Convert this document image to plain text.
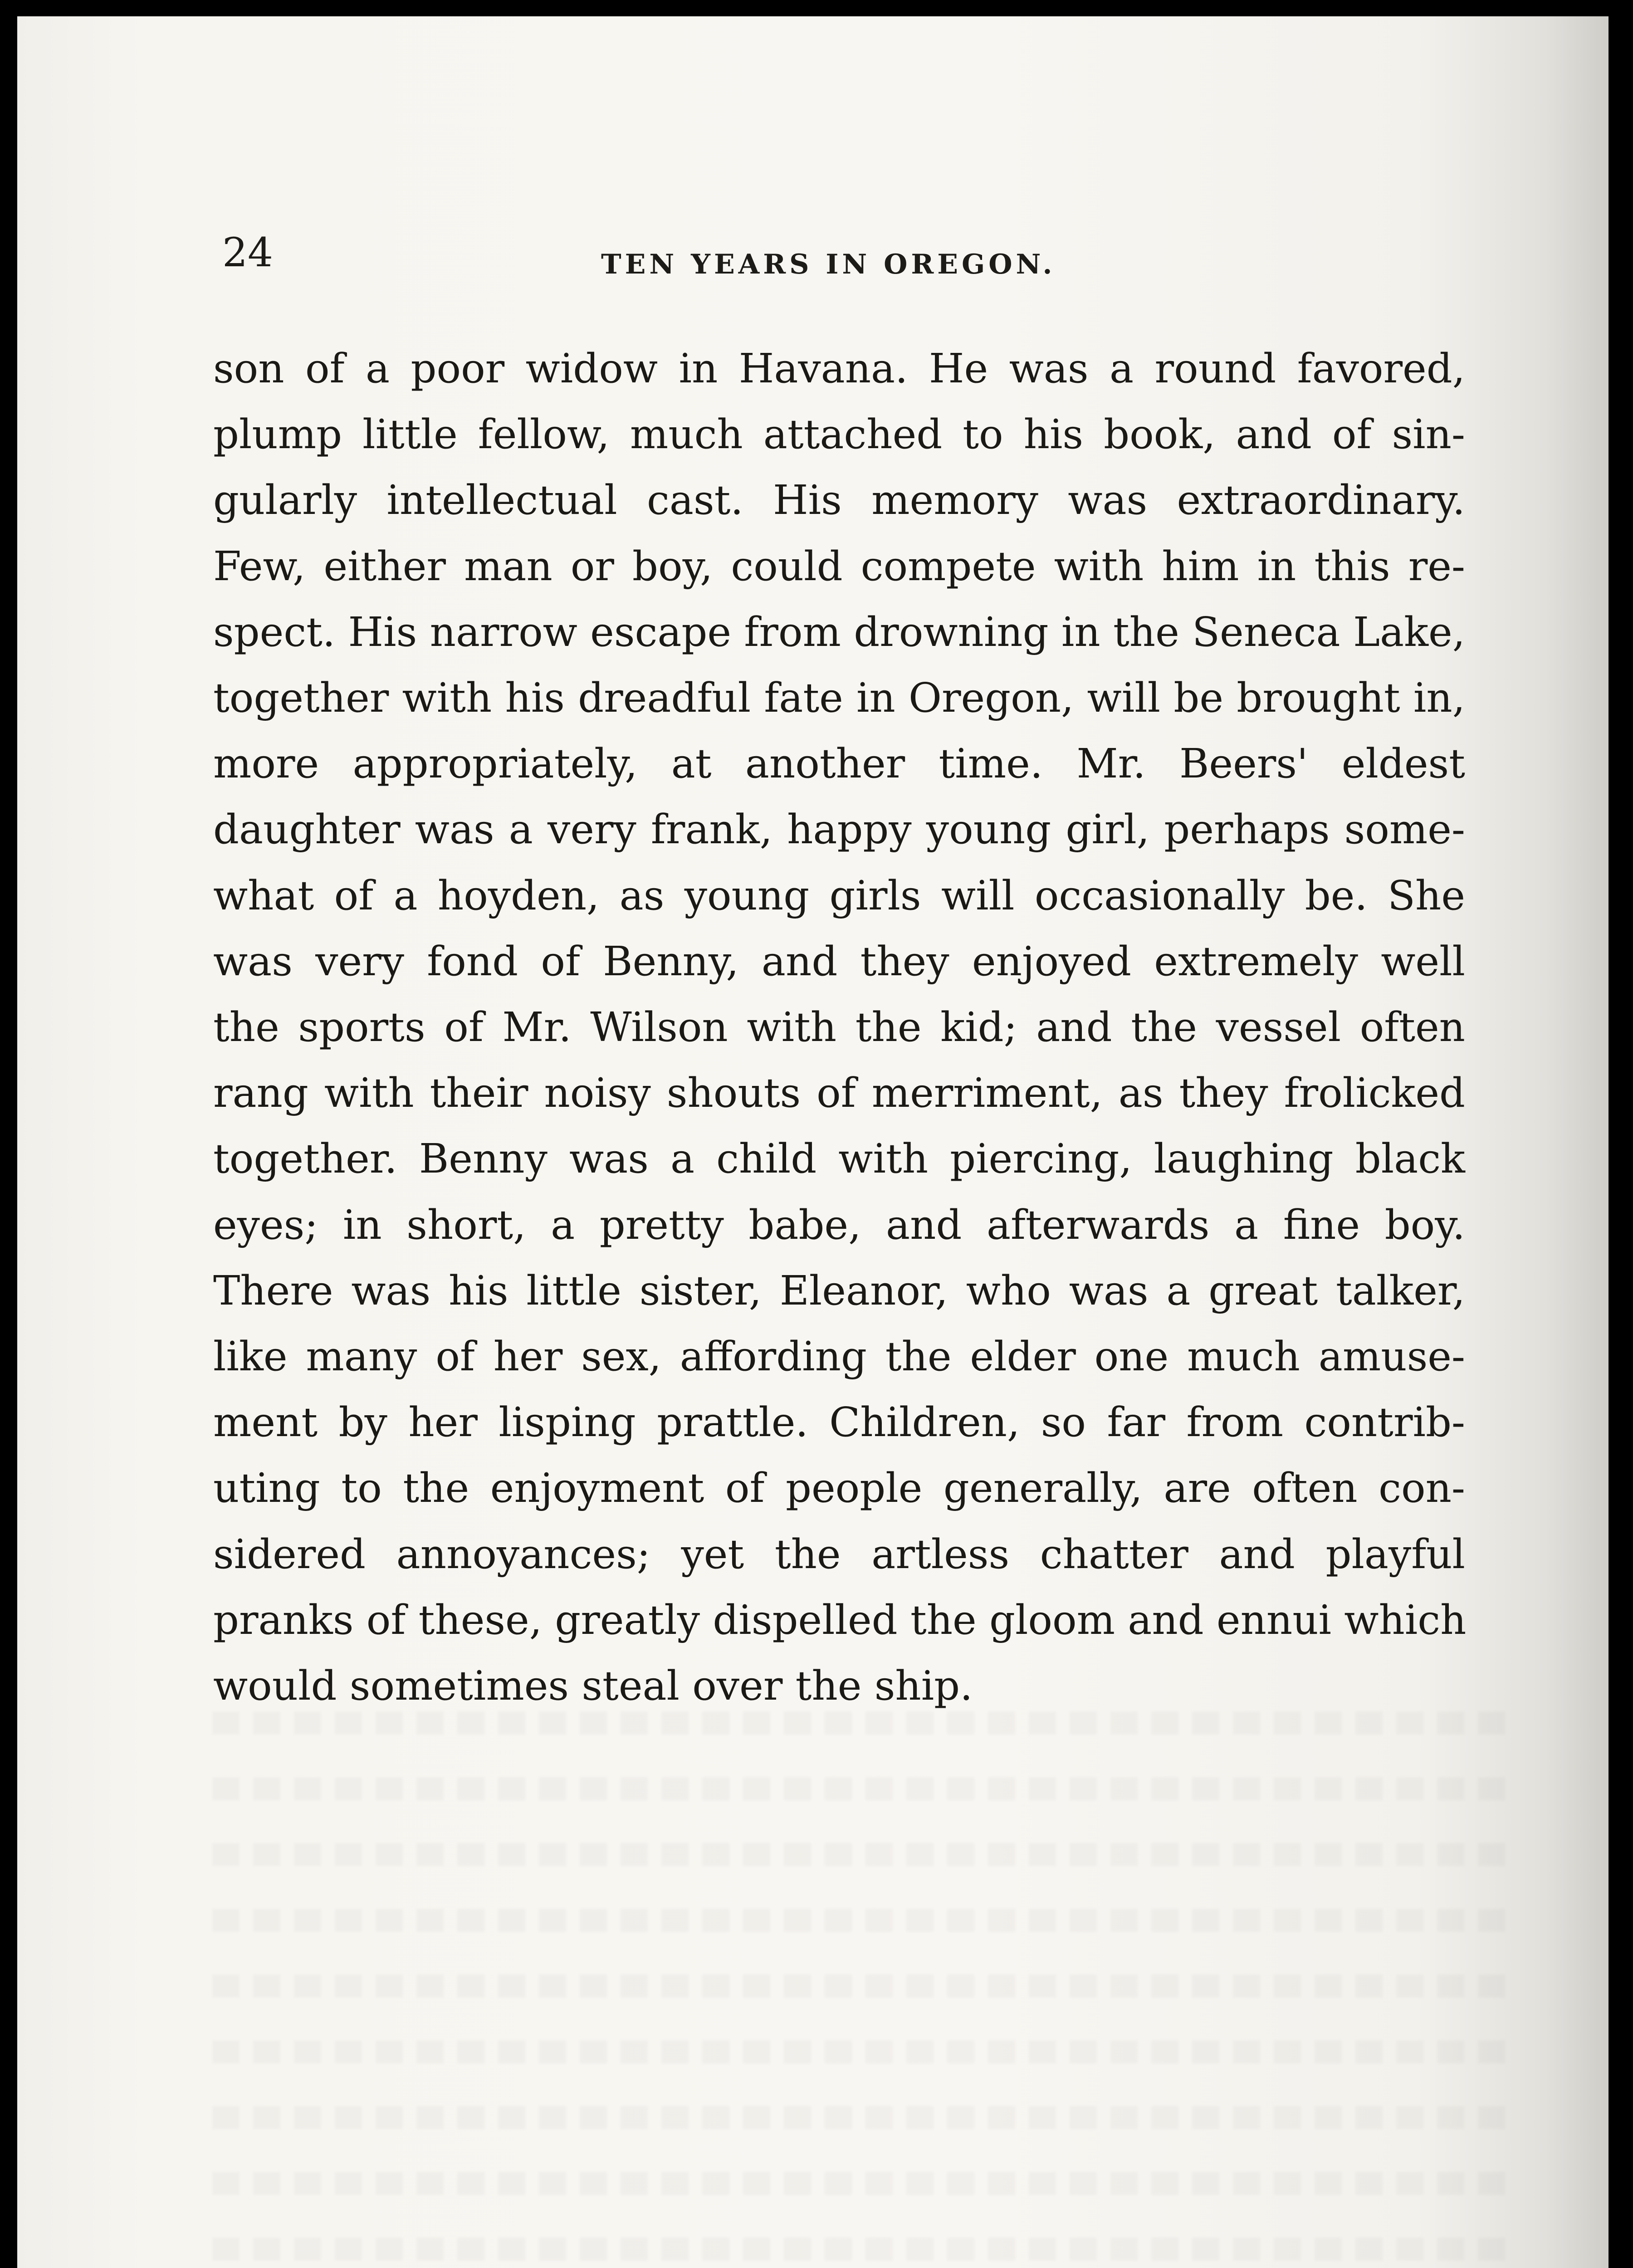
24	TEN YEARS IN OREGON.

son of a poor widow in Havana. He was a round favored,
plump little fellow, much attached to his book, and of sin-
gularly intellectual cast. His memory was extraordinary.
Few, either man or boy, could compete with him in this re-
spect. His narrow escape from drowning in the Seneca Lake,
together with his dreadful fate in Oregon, will be brought in,
more appropriately, at another time. Mr. Beers' eldest
daughter was a very frank, happy young girl, perhaps some-
what of a hoyden, as young girls will occasionally be. She
was very fond of Benny, and they enjoyed extremely well
the sports of Mr. Wilson with the kid; and the vessel often
rang with their noisy shouts of merriment, as they frolicked
together. Benny was a child with piercing, laughing black
eyes; in short, a pretty babe, and afterwards a fine boy.
There was his little sister, Eleanor, who was a great talker,
like many of her sex, affording the elder one much amuse-
ment by her lisping prattle. Children, so far from contrib-
uting to the enjoyment of people generally, are often con-
sidered annoyances; yet the artless chatter and playful
pranks of these, greatly dispelled the gloom and ennui which
would sometimes steal over the ship.
